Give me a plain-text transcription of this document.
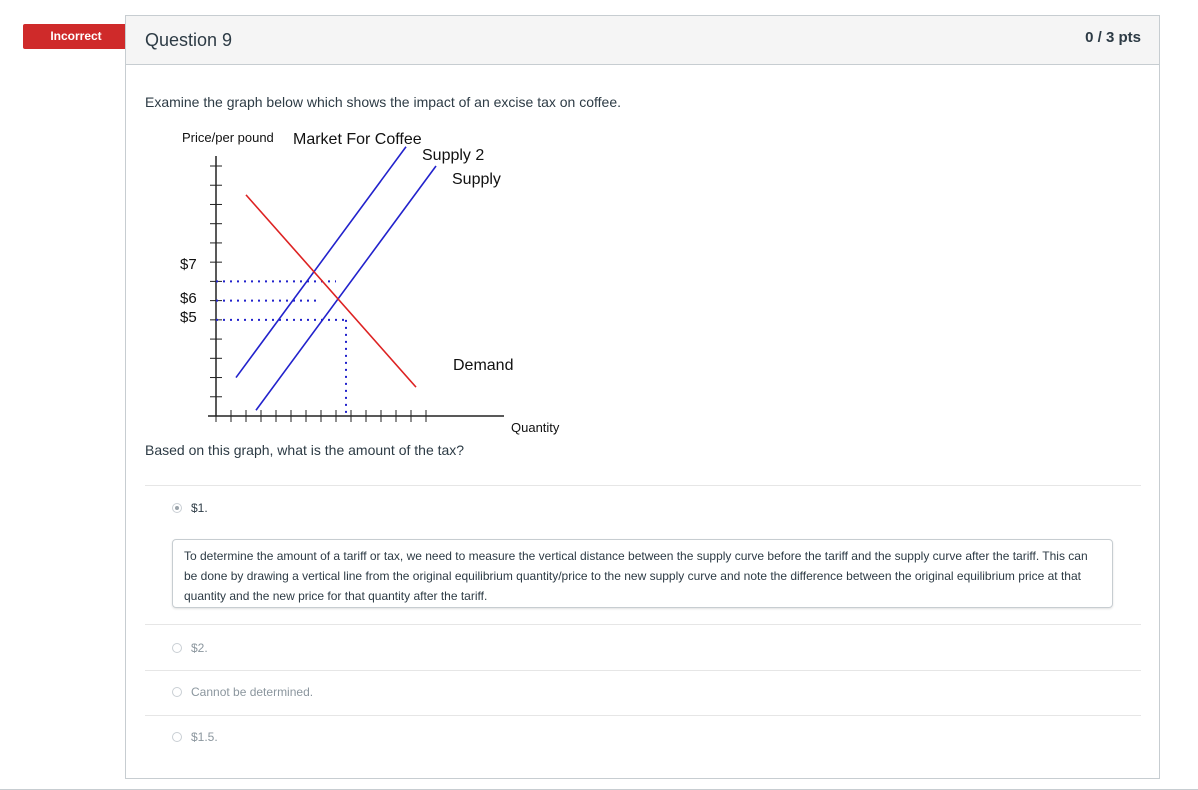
Incorrect	Question 9	0 / 3 pts
Examine the graph below which shows the impact of an excise tax on coffee.
Price/per pound Market For Coffee
Supply 2
Supply
Demand
$7
$6
$5
Quantity
Based on this graph, what is the amount of the tax?
$1.
To determine the amount of a tariff or tax, we need to measure the vertical distance between the supply curve before the tariff and the supply curve after the tariff. This can be done by drawing a vertical line from the original equilibrium quantity/price to the new supply curve and note the difference between the original equilibrium price at that quantity and the new price for that quantity after the tariff.
$2.
Cannot be determined.
$1.5.
